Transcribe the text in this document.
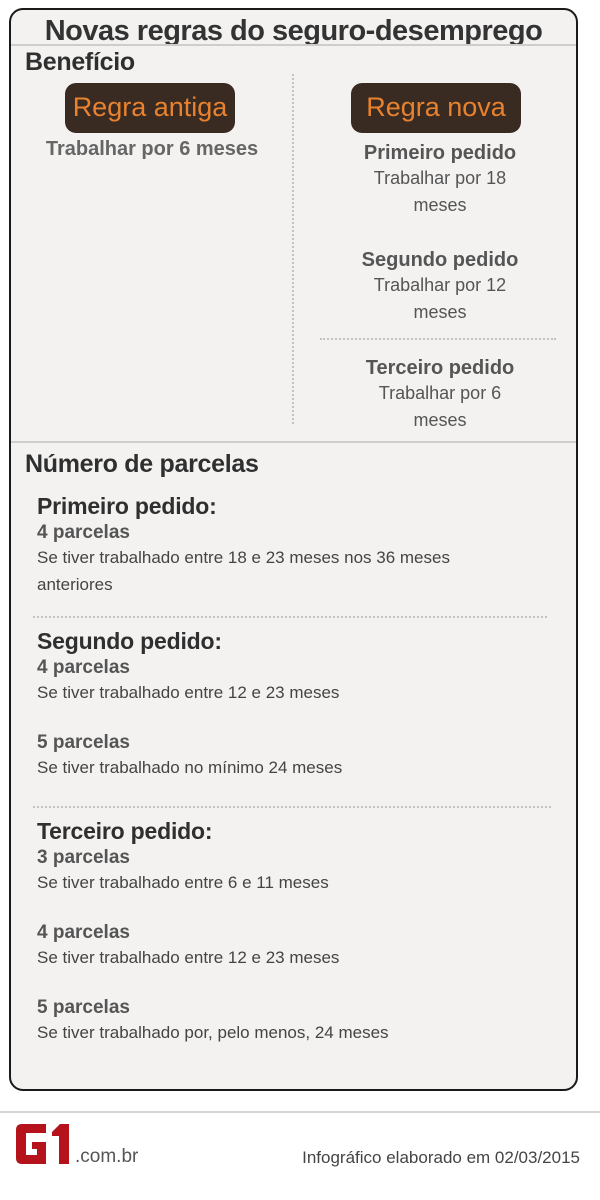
Novas regras do seguro-desemprego
Benefício
Regra antiga
Trabalhar por 6 meses
Regra nova
Primeiro pedido
Trabalhar por 18
meses
Segundo pedido
Trabalhar por 12
meses
Terceiro pedido
Trabalhar por 6
meses
Número de parcelas
Primeiro pedido:
4 parcelas
Se tiver trabalhado entre 18 e 23 meses nos 36 meses
anteriores
Segundo pedido:
4 parcelas
Se tiver trabalhado entre 12 e 23 meses
5 parcelas
Se tiver trabalhado no mínimo 24 meses
Terceiro pedido:
3 parcelas
Se tiver trabalhado entre 6 e 11 meses
4 parcelas
Se tiver trabalhado entre 12 e 23 meses
5 parcelas
Se tiver trabalhado por, pelo menos, 24 meses
.com.br	Infográfico elaborado em 02/03/2015
